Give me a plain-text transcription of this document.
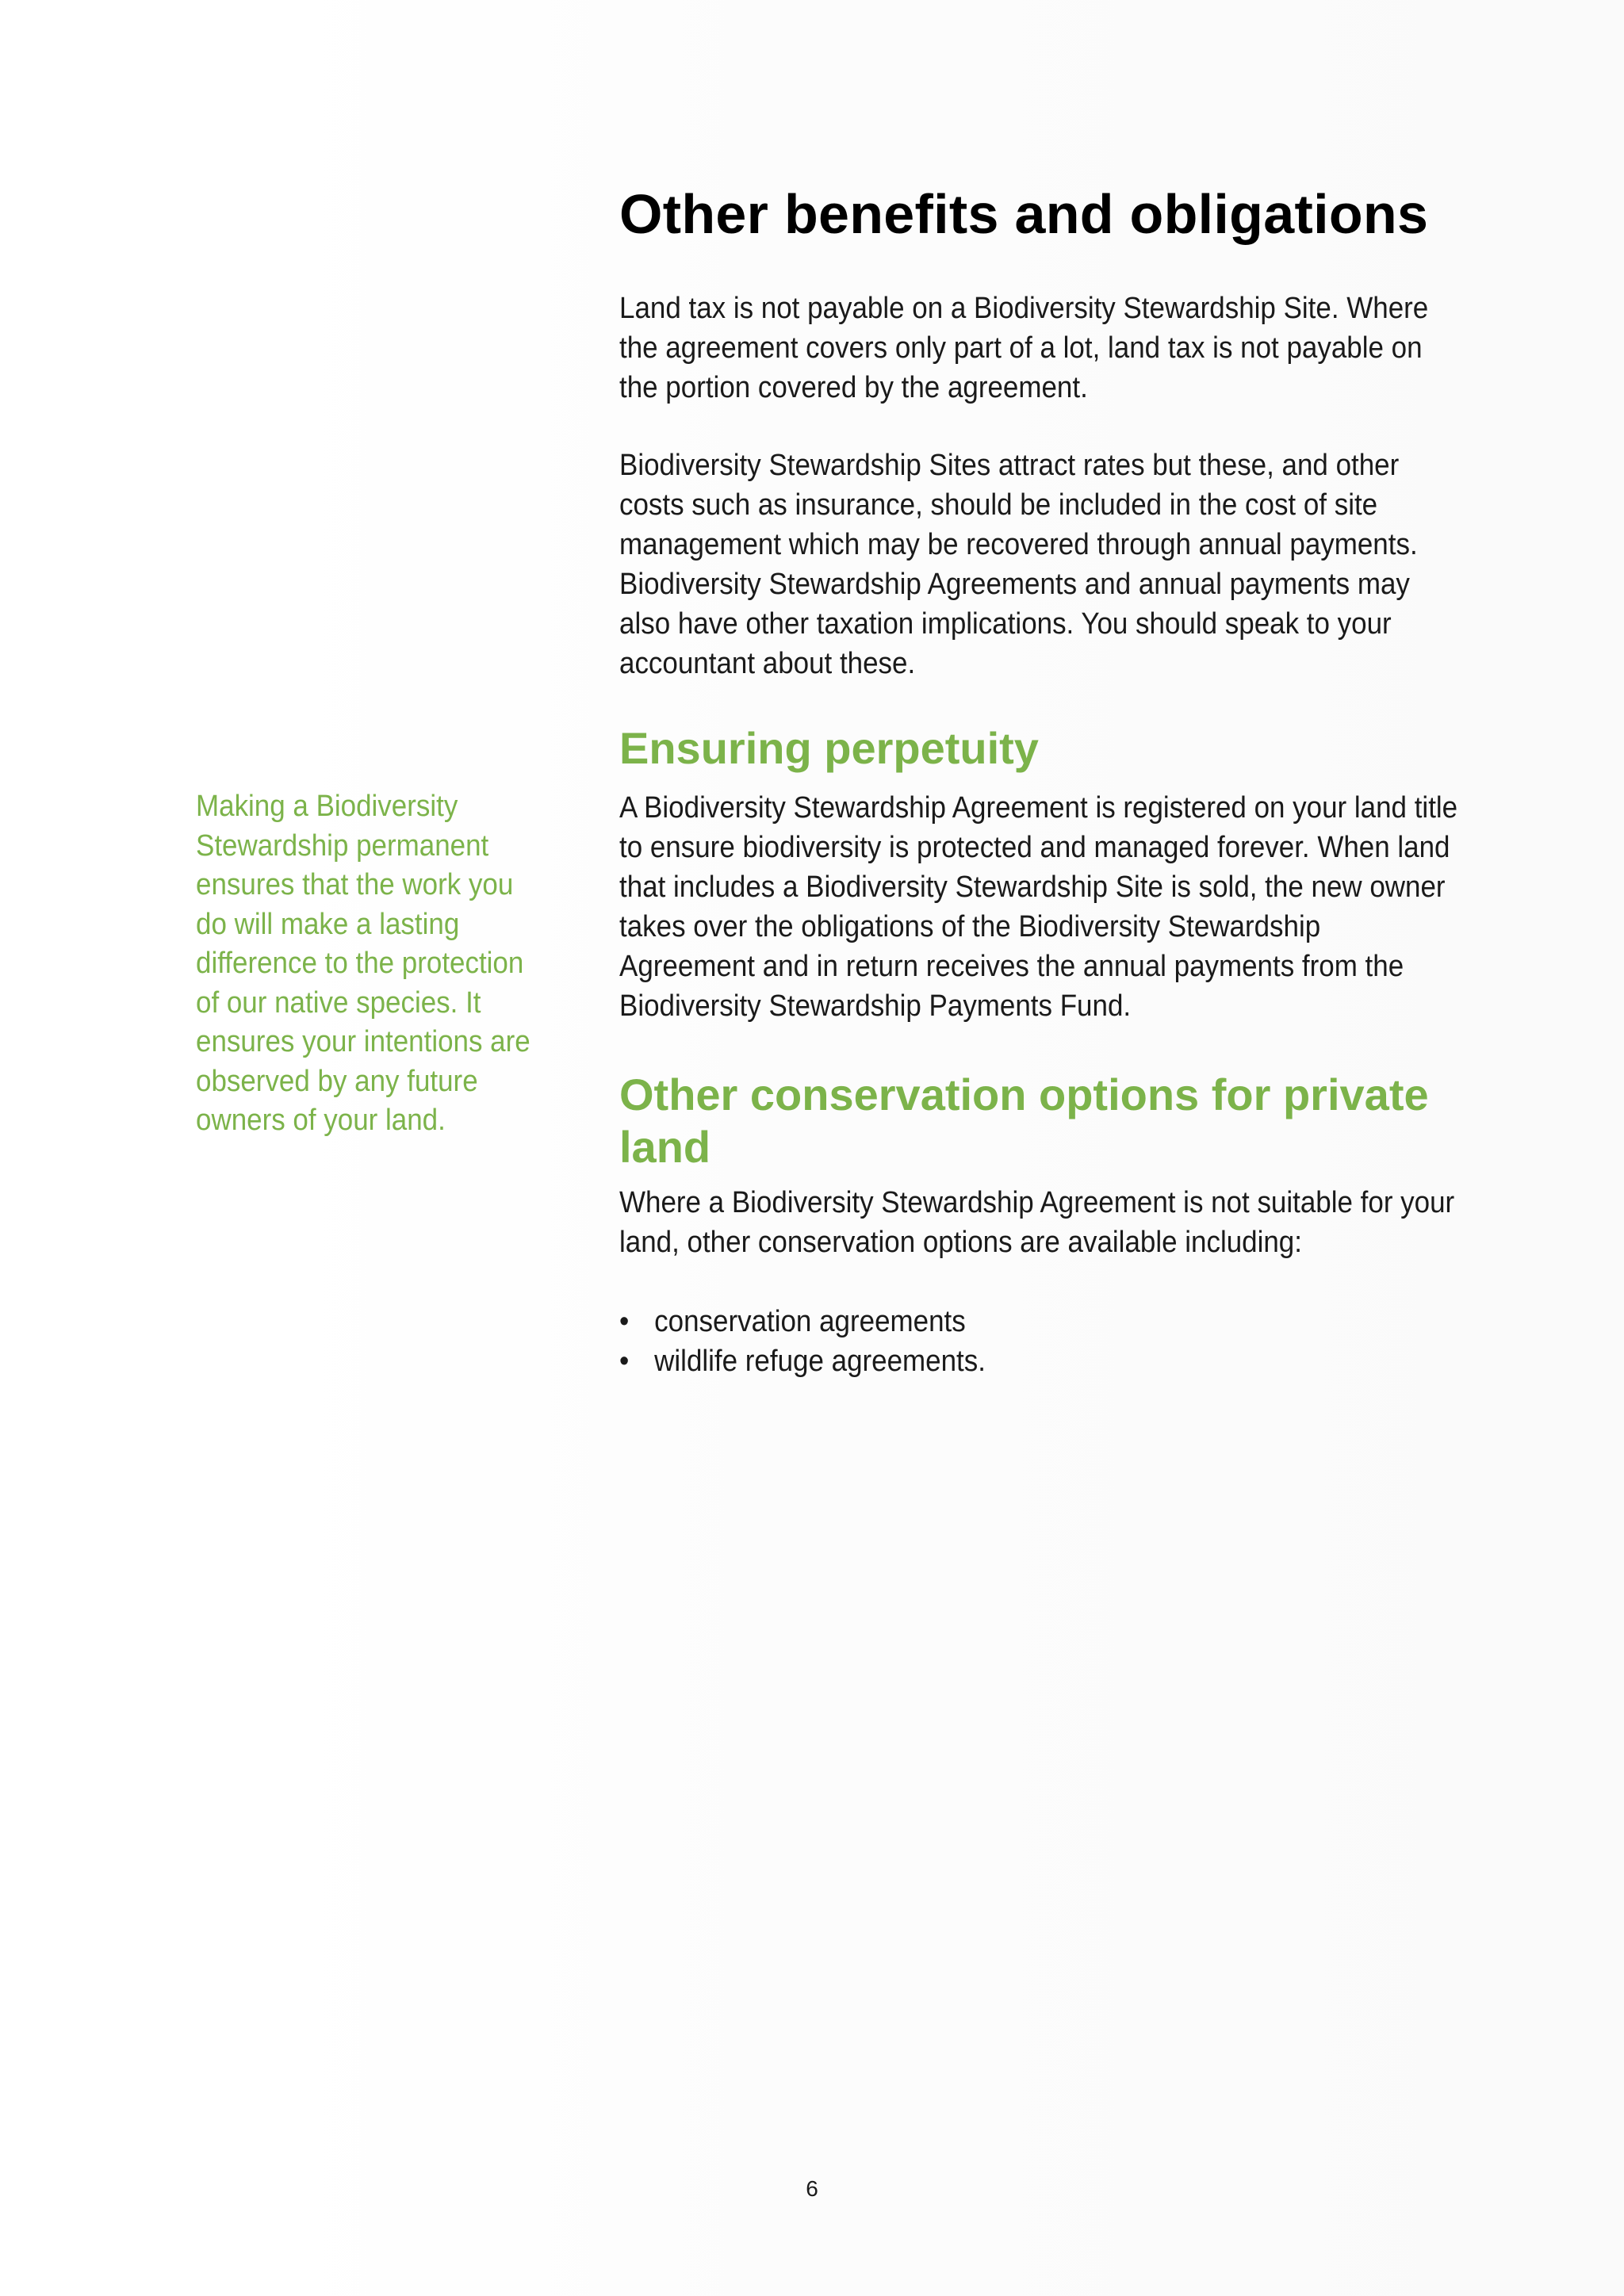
Making a Biodiversity Stewardship permanent ensures that the work you do will make a lasting difference to the protection of our native species. It ensures your intentions are observed by any future owners of your land.
Other benefits and obligations
Land tax is not payable on a Biodiversity Stewardship Site. Where the agreement covers only part of a lot, land tax is not payable on the portion covered by the agreement.
Biodiversity Stewardship Sites attract rates but these, and other costs such as insurance, should be included in the cost of site management which may be recovered through annual payments. Biodiversity Stewardship Agreements and annual payments may also have other taxation implications. You should speak to your accountant about these.
Ensuring perpetuity
A Biodiversity Stewardship Agreement is registered on your land title to ensure biodiversity is protected and managed forever. When land that includes a Biodiversity Stewardship Site is sold, the new owner takes over the obligations of the Biodiversity Stewardship Agreement and in return receives the annual payments from the Biodiversity Stewardship Payments Fund.
Other conservation options for private land
Where a Biodiversity Stewardship Agreement is not suitable for your land, other conservation options are available including:
• conservation agreements
• wildlife refuge agreements.
6
